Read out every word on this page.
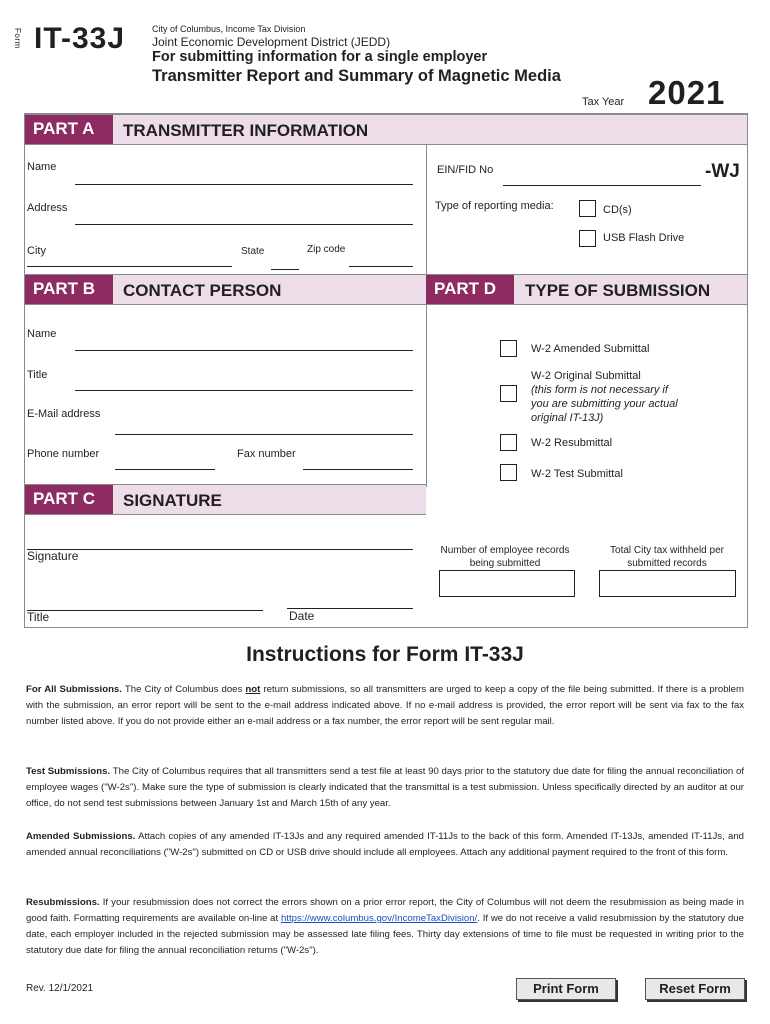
Form IT-33J	City of Columbus, Income Tax Division
Joint Economic Development District (JEDD)
For submitting information for a single employer
Transmitter Report and Summary of Magnetic Media
Tax Year 2021
PART A	TRANSMITTER INFORMATION
Name
Address
City	State	Zip code
EIN/FID No	-WJ
Type of reporting media:	CD(s)
USB Flash Drive
PART B	CONTACT PERSON	PART D	TYPE OF SUBMISSION
Name
Title
E-Mail address
Phone number	Fax number
W-2 Amended Submittal
W-2 Original Submittal
(this form is not necessary if you are submitting your actual original IT-13J)
W-2 Resubmittal
W-2 Test Submittal
PART C	SIGNATURE
Signature
Title	Date
Number of employee records being submitted
Total City tax withheld per submitted records
Instructions for Form IT-33J
For All Submissions. The City of Columbus does not return submissions, so all transmitters are urged to keep a copy of the file being submitted. If there is a problem with the submission, an error report will be sent to the e-mail address indicated above. If no e-mail address is provided, the error report will be sent via fax to the fax number listed above. If you do not provide either an e-mail address or a fax number, the error report will be sent regular mail.
Test Submissions. The City of Columbus requires that all transmitters send a test file at least 90 days prior to the statutory due date for filing the annual reconciliation of employee wages ("W-2s"). Make sure the type of submission is clearly indicated that the transmittal is a test submission. Unless specifically directed by an auditor at our office, do not send test submissions between January 1st and March 15th of any year.
Amended Submissions. Attach copies of any amended IT-13Js and any required amended IT-11Js to the back of this form. Amended IT-13Js, amended IT-11Js, and amended annual reconciliations ("W-2s") submitted on CD or USB drive should include all employees. Attach any additional payment required to the front of this form.
Resubmissions. If your resubmission does not correct the errors shown on a prior error report, the City of Columbus will not deem the resubmission as being made in good faith. Formatting requirements are available on-line at https://www.columbus.gov/IncomeTaxDivision/. If we do not receive a valid resubmission by the statutory due date, each employer included in the rejected submission may be assessed late filing fees. Thirty day extensions of time to file must be requested in writing prior to the statutory due date for filing the annual reconciliation returns ("W-2s").
Rev. 12/1/2021	Print Form	Reset Form
